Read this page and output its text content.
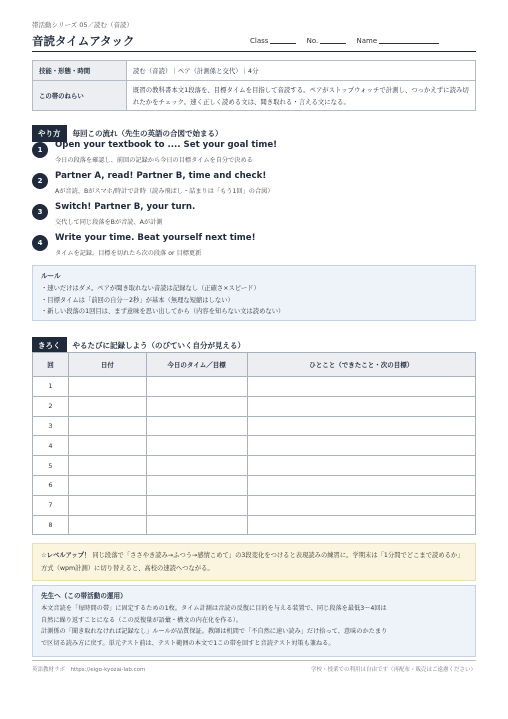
帯活動シリーズ 05／読む（音読）
音読タイムアタック	Class	No.	Name
技能・形態・時間	読む（音読）｜ペア（計測係と交代）｜4分
この帯のねらい	既習の教科書本文1段落を、目標タイムを目指して音読する。ペアがストップウォッチで計測し、つっかえずに読み切れたかをチェック。速く正しく読める文は、聞き取れる・言える文になる。
やり方 毎回この流れ（先生の英語の合図で始まる）
1	Open your textbook to .... Set your goal time!
今日の段落を確認し、前回の記録から今日の目標タイムを自分で決める
2	Partner A, read! Partner B, time and check!
Aが音読、Bがスマホ/時計で計時（読み飛ばし・詰まりは「もう1回」の合図）
3	Switch! Partner B, your turn.
交代して同じ段落をBが音読、Aが計測
4	Write your time. Beat yourself next time!
タイムを記録。目標を切れたら次の段落 or 目標更新
ルール
・速いだけはダメ。ペアが聞き取れない音読は記録なし（正確さ×スピード）
・目標タイムは「前回の自分－2秒」が基本（無理な短縮はしない）
・新しい段落の1回目は、まず意味を思い出してから（内容を知らない文は読めない）
きろく やるたびに記録しよう（のびていく自分が見える）
回	日付	今日のタイム／目標	ひとこと（できたこと・次の目標）
1			
2			
3			
4			
5			
6			
7			
8			
☆レベルアップ！ 同じ段落で「ささやき読み→ふつう→感情こめて」の3段変化をつけると表現読みの練習に。学期末は「1分間でどこまで読めるか」方式（wpm計測）に切り替えると、高校の速読へつながる。
先生へ（この帯活動の運用）
本文音読を「毎時間の帯」に固定するための1枚。タイム計測は音読の反復に目的を与える装置で、同じ段落を最低3～4回は
自然に繰り返すことになる（この反復量が語彙・構文の内在化を作る）。
計測係の「聞き取れなければ記録なし」ルールが品質保証。教師は机間で「不自然に速い読み」だけ拾って、意味のかたまり
で区切る読み方に戻す。単元テスト前は、テスト範囲の本文で1この帯を回すと音読テスト対策も兼ねる。
英語教材ラボ　https://eigo-kyozai-lab.com	学校・授業での利用は自由です（再配布・販売はご遠慮ください）
